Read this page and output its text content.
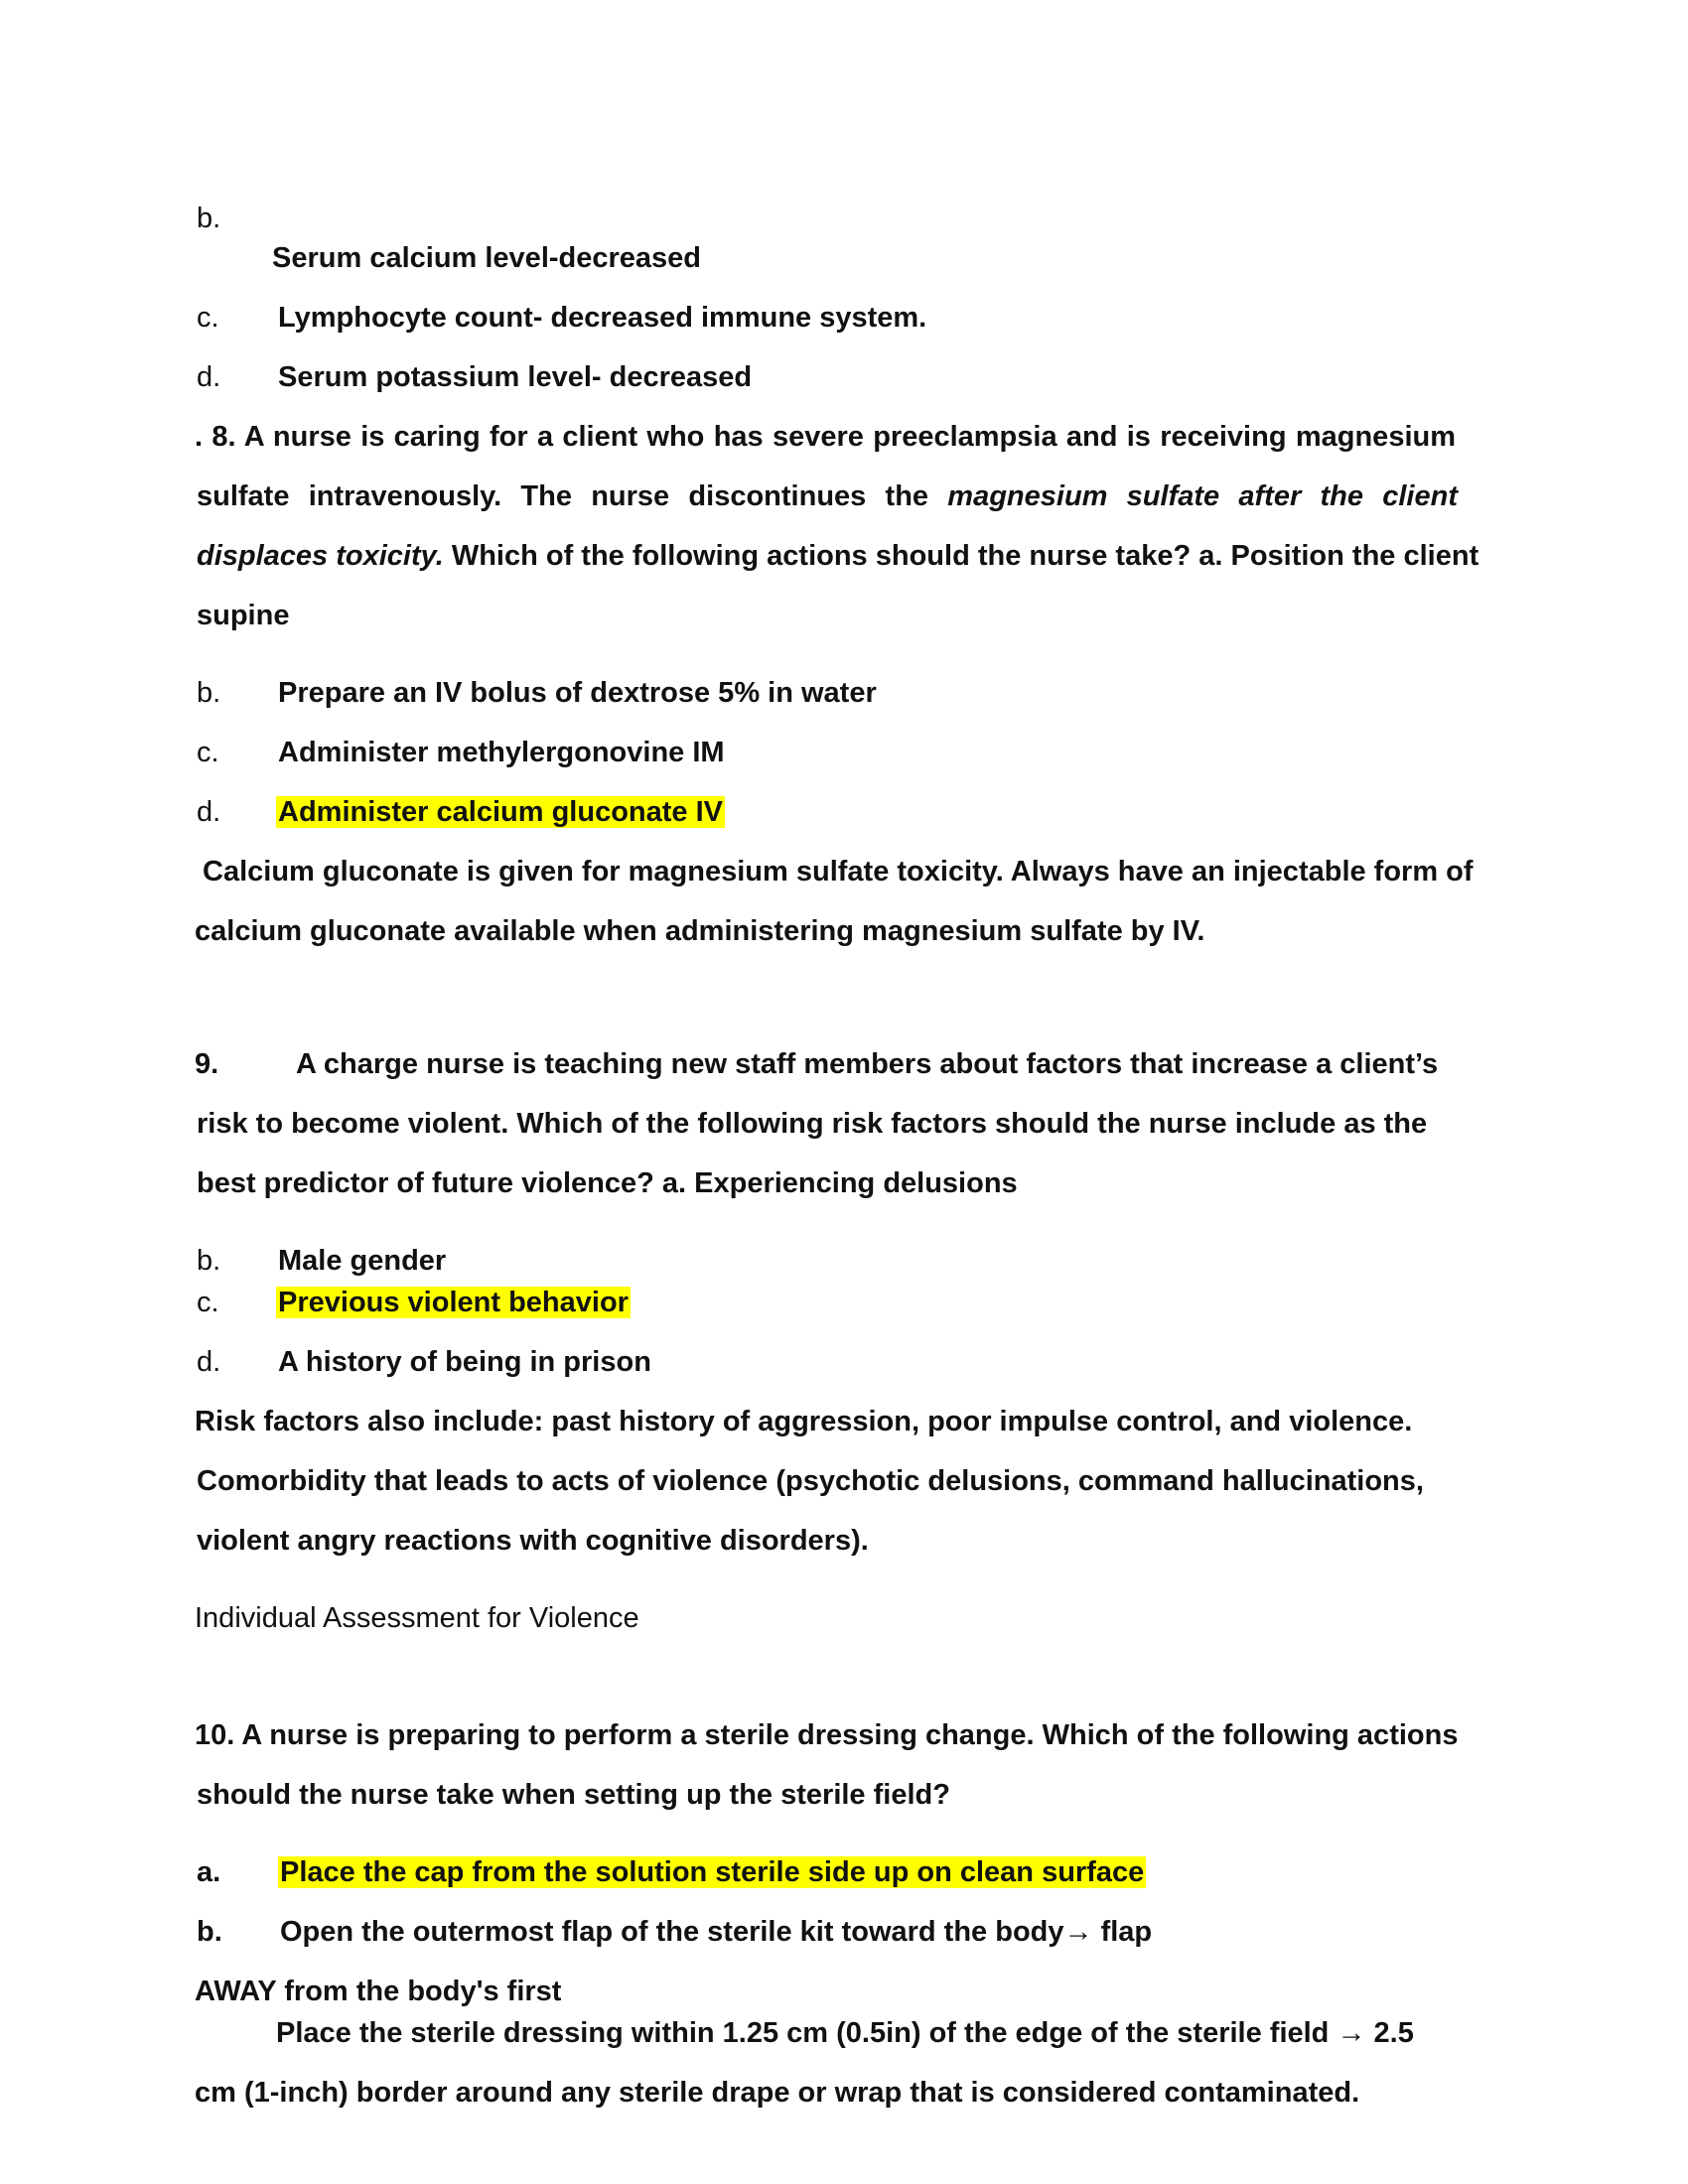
b.
Serum calcium level-decreased
c. Lymphocyte count- decreased immune system.
d. Serum potassium level- decreased
. 8. A nurse is caring for a client who has severe preeclampsia and is receiving magnesium
sulfate intravenously. The nurse discontinues the magnesium sulfate after the client
displaces toxicity. Which of the following actions should the nurse take? a. Position the client
supine
b. Prepare an IV bolus of dextrose 5% in water
c. Administer methylergonovine IM
d. Administer calcium gluconate IV
Calcium gluconate is given for magnesium sulfate toxicity. Always have an injectable form of
calcium gluconate available when administering magnesium sulfate by IV.
9.	A charge nurse is teaching new staff members about factors that increase a client’s
risk to become violent. Which of the following risk factors should the nurse include as the
best predictor of future violence? a. Experiencing delusions
b. Male gender
c. Previous violent behavior
d. A history of being in prison
Risk factors also include: past history of aggression, poor impulse control, and violence.
Comorbidity that leads to acts of violence (psychotic delusions, command hallucinations,
violent angry reactions with cognitive disorders).
Individual Assessment for Violence
10. A nurse is preparing to perform a sterile dressing change. Which of the following actions
should the nurse take when setting up the sterile field?
a. Place the cap from the solution sterile side up on clean surface
b. Open the outermost flap of the sterile kit toward the body→ flap
AWAY from the body's first
Place the sterile dressing within 1.25 cm (0.5in) of the edge of the sterile field → 2.5
cm (1-inch) border around any sterile drape or wrap that is considered contaminated.
